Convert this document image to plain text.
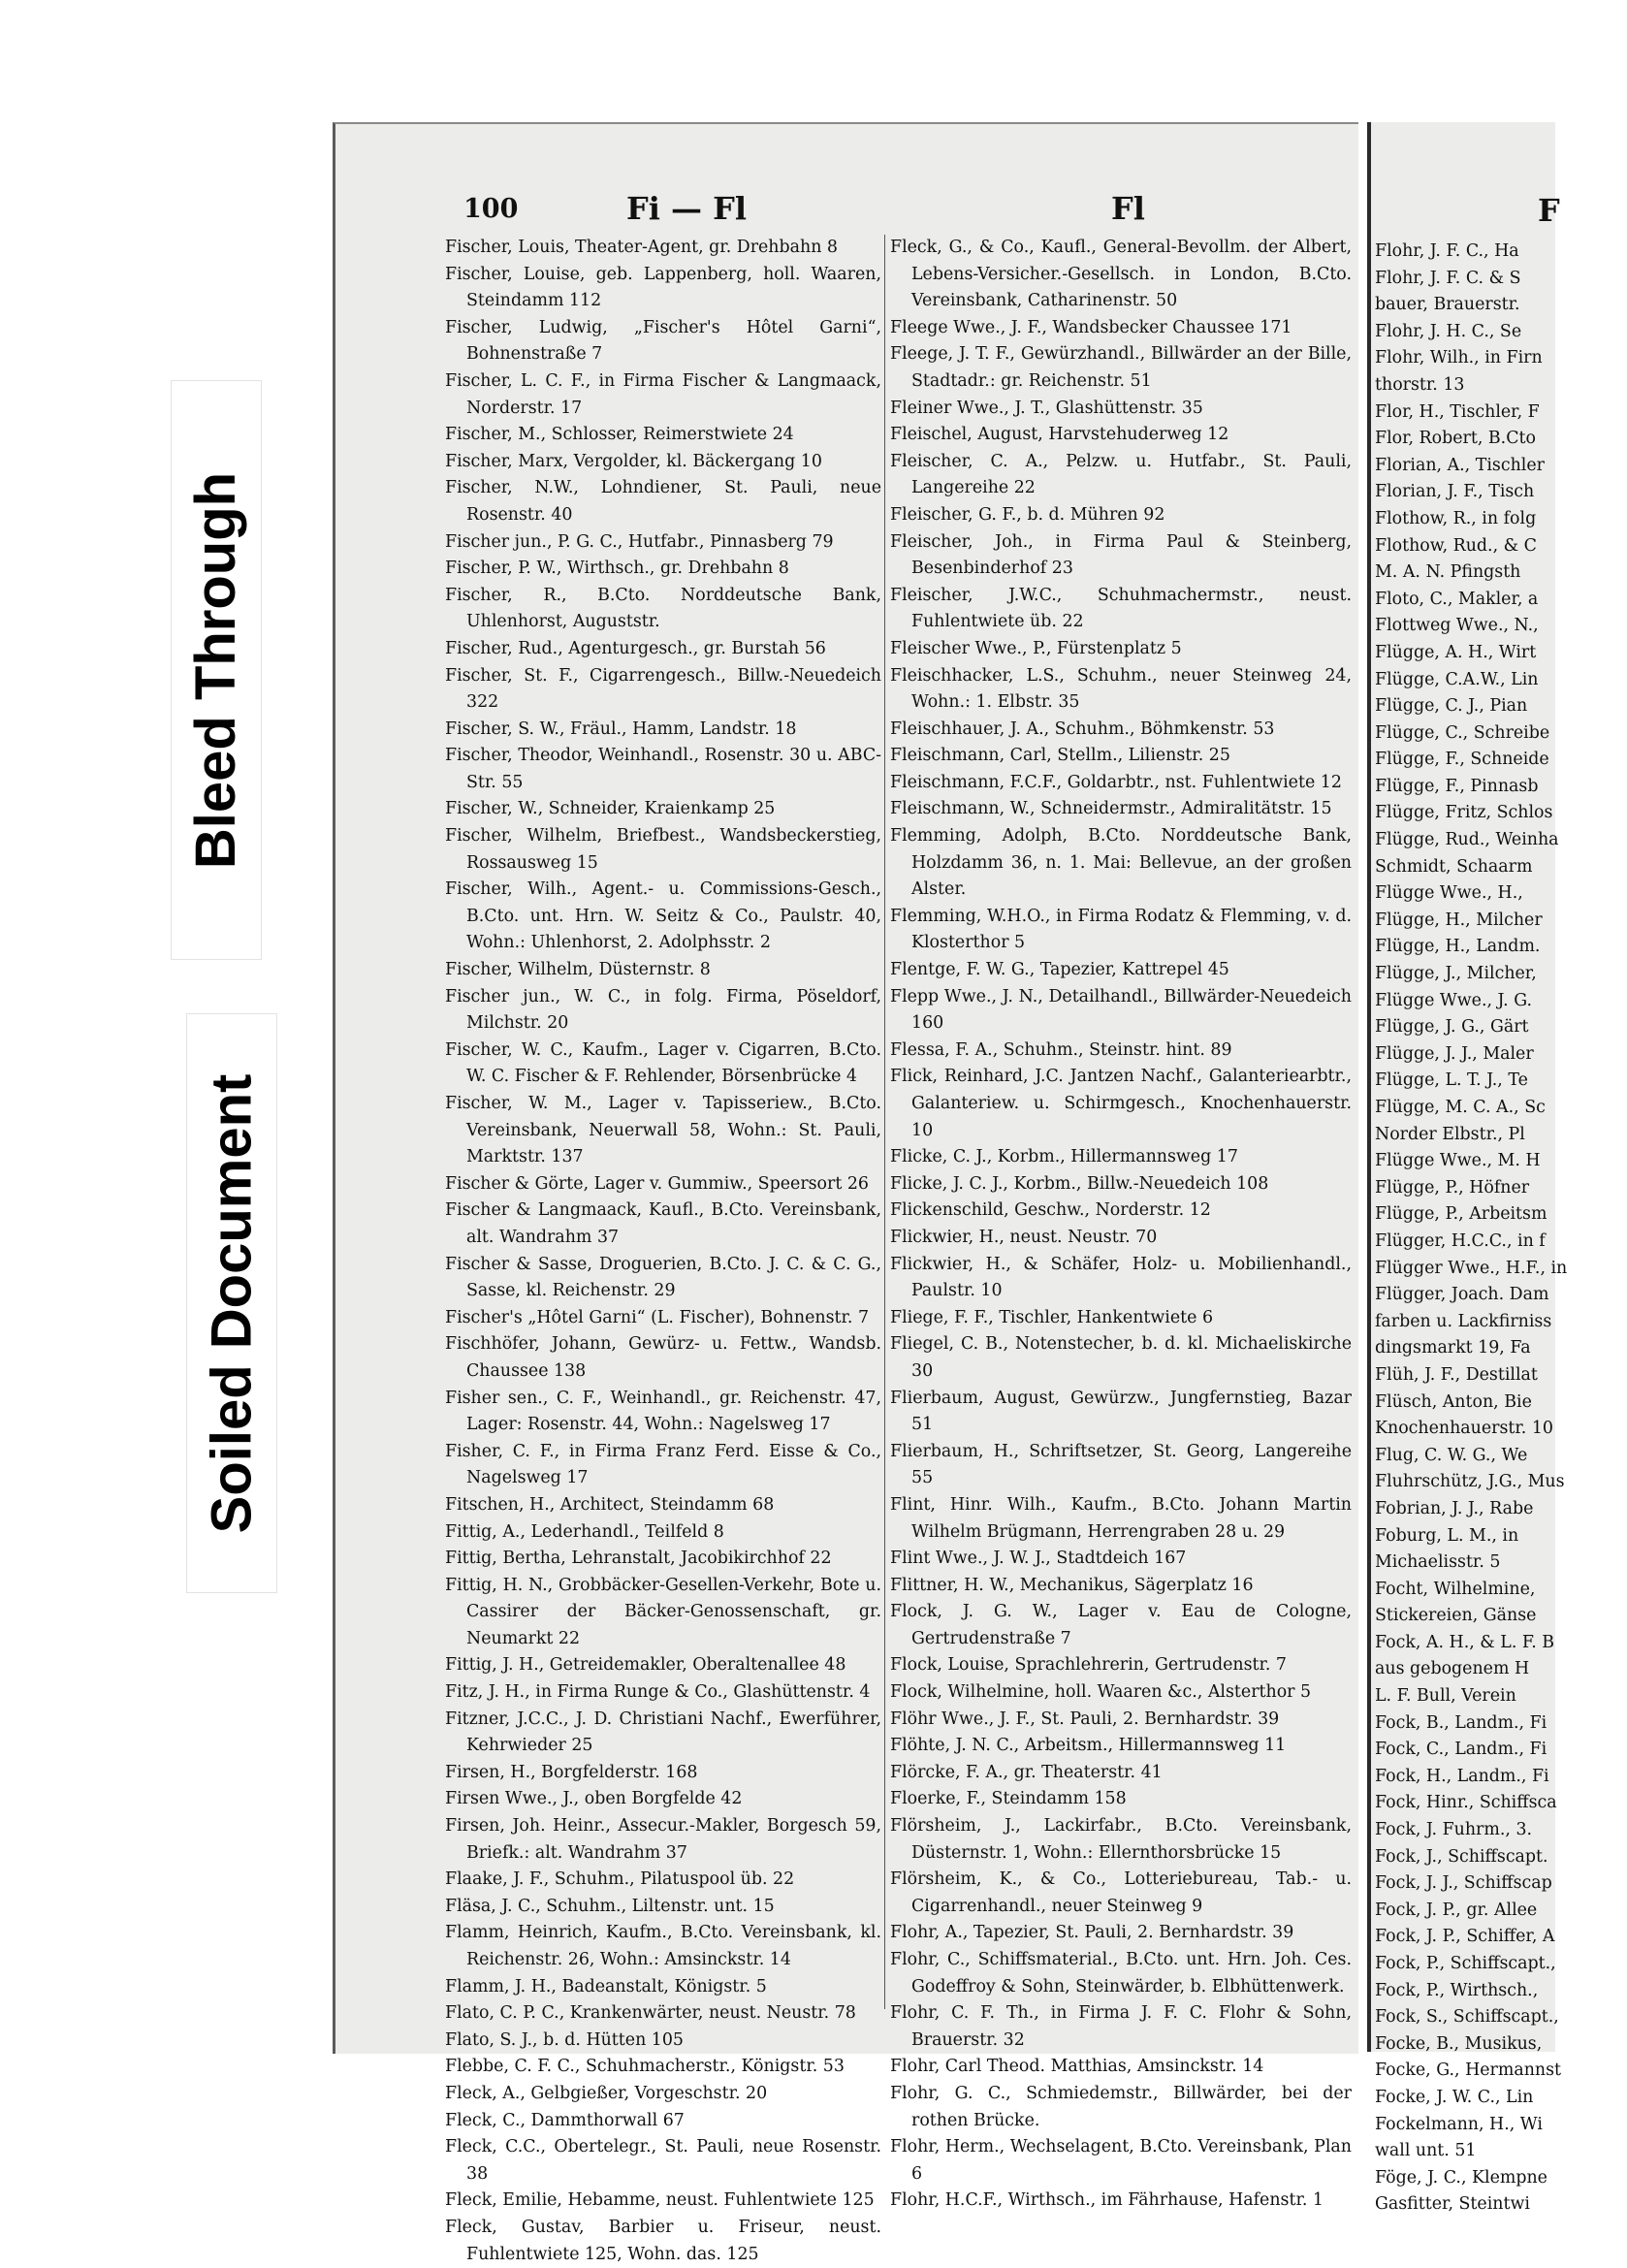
Bleed Through
Soiled Document
100	Fi — Fl	Fl
Fischer, Louis, Theater-Agent, gr. Drehbahn 8
Fischer, Louise, geb. Lappenberg, holl. Waaren, Steindamm 112
Fischer, Ludwig, „Fischer's Hôtel Garni“, Bohnenstraße 7
Fischer, L. C. F., in Firma Fischer & Langmaack, Norderstr. 17
Fischer, M., Schlosser, Reimerstwiete 24
Fischer, Marx, Vergolder, kl. Bäckergang 10
Fischer, N.W., Lohndiener, St. Pauli, neue Rosenstr. 40
Fischer jun., P. G. C., Hutfabr., Pinnasberg 79
Fischer, P. W., Wirthsch., gr. Drehbahn 8
Fischer, R., B.Cto. Norddeutsche Bank, Uhlenhorst, Auguststr.
Fischer, Rud., Agenturgesch., gr. Burstah 56
Fischer, St. F., Cigarrengesch., Billw.-Neuedeich 322
Fischer, S. W., Fräul., Hamm, Landstr. 18
Fischer, Theodor, Weinhandl., Rosenstr. 30 u. ABC-Str. 55
Fischer, W., Schneider, Kraienkamp 25
Fischer, Wilhelm, Briefbest., Wandsbeckerstieg, Rossausweg 15
Fischer, Wilh., Agent.- u. Commissions-Gesch., B.Cto. unt. Hrn. W. Seitz & Co., Paulstr. 40, Wohn.: Uhlenhorst, 2. Adolphsstr. 2
Fischer, Wilhelm, Düsternstr. 8
Fischer jun., W. C., in folg. Firma, Pöseldorf, Milchstr. 20
Fischer, W. C., Kaufm., Lager v. Cigarren, B.Cto. W. C. Fischer & F. Rehlender, Börsenbrücke 4
Fischer, W. M., Lager v. Tapisseriew., B.Cto. Vereinsbank, Neuerwall 58, Wohn.: St. Pauli, Marktstr. 137
Fischer & Görte, Lager v. Gummiw., Speersort 26
Fischer & Langmaack, Kaufl., B.Cto. Vereinsbank, alt. Wandrahm 37
Fischer & Sasse, Droguerien, B.Cto. J. C. & C. G., Sasse, kl. Reichenstr. 29
Fischer's „Hôtel Garni“ (L. Fischer), Bohnenstr. 7
Fischhöfer, Johann, Gewürz- u. Fettw., Wandsb. Chaussee 138
Fisher sen., C. F., Weinhandl., gr. Reichenstr. 47, Lager: Rosenstr. 44, Wohn.: Nagelsweg 17
Fisher, C. F., in Firma Franz Ferd. Eisse & Co., Nagelsweg 17
Fitschen, H., Architect, Steindamm 68
Fittig, A., Lederhandl., Teilfeld 8
Fittig, Bertha, Lehranstalt, Jacobikirchhof 22
Fittig, H. N., Grobbäcker-Gesellen-Verkehr, Bote u. Cassirer der Bäcker-Genossenschaft, gr. Neumarkt 22
Fittig, J. H., Getreidemakler, Oberaltenallee 48
Fitz, J. H., in Firma Runge & Co., Glashüttenstr. 4
Fitzner, J.C.C., J. D. Christiani Nachf., Ewerführer, Kehrwieder 25
Firsen, H., Borgfelderstr. 168
Firsen Wwe., J., oben Borgfelde 42
Firsen, Joh. Heinr., Assecur.-Makler, Borgesch 59, Briefk.: alt. Wandrahm 37
Flaake, J. F., Schuhm., Pilatuspool üb. 22
Fläsa, J. C., Schuhm., Liltenstr. unt. 15
Flamm, Heinrich, Kaufm., B.Cto. Vereinsbank, kl. Reichenstr. 26, Wohn.: Amsinckstr. 14
Flamm, J. H., Badeanstalt, Königstr. 5
Flato, C. P. C., Krankenwärter, neust. Neustr. 78
Flato, S. J., b. d. Hütten 105
Flebbe, C. F. C., Schuhmacherstr., Königstr. 53
Fleck, A., Gelbgießer, Vorgeschstr. 20
Fleck, C., Dammthorwall 67
Fleck, C.C., Obertelegr., St. Pauli, neue Rosenstr. 38
Fleck, Emilie, Hebamme, neust. Fuhlentwiete 125
Fleck, Gustav, Barbier u. Friseur, neust. Fuhlentwiete 125, Wohn. das. 125
Fleck, G., & Co., Kaufl., General-Bevollm. der Albert, Lebens-Versicher.-Gesellsch. in London, B.Cto. Vereinsbank, Catharinenstr. 50
Fleege Wwe., J. F., Wandsbecker Chaussee 171
Fleege, J. T. F., Gewürzhandl., Billwärder an der Bille, Stadtadr.: gr. Reichenstr. 51
Fleiner Wwe., J. T., Glashüttenstr. 35
Fleischel, August, Harvstehuderweg 12
Fleischer, C. A., Pelzw. u. Hutfabr., St. Pauli, Langereihe 22
Fleischer, G. F., b. d. Mühren 92
Fleischer, Joh., in Firma Paul & Steinberg, Besenbinderhof 23
Fleischer, J.W.C., Schuhmachermstr., neust. Fuhlentwiete üb. 22
Fleischer Wwe., P., Fürstenplatz 5
Fleischhacker, L.S., Schuhm., neuer Steinweg 24, Wohn.: 1. Elbstr. 35
Fleischhauer, J. A., Schuhm., Böhmkenstr. 53
Fleischmann, Carl, Stellm., Lilienstr. 25
Fleischmann, F.C.F., Goldarbtr., nst. Fuhlentwiete 12
Fleischmann, W., Schneidermstr., Admiralitätstr. 15
Flemming, Adolph, B.Cto. Norddeutsche Bank, Holzdamm 36, n. 1. Mai: Bellevue, an der großen Alster.
Flemming, W.H.O., in Firma Rodatz & Flemming, v. d. Klosterthor 5
Flentge, F. W. G., Tapezier, Kattrepel 45
Flepp Wwe., J. N., Detailhandl., Billwärder-Neuedeich 160
Flessa, F. A., Schuhm., Steinstr. hint. 89
Flick, Reinhard, J.C. Jantzen Nachf., Galanteriearbtr., Galanteriew. u. Schirmgesch., Knochenhauerstr. 10
Flicke, C. J., Korbm., Hillermannsweg 17
Flicke, J. C. J., Korbm., Billw.-Neuedeich 108
Flickenschild, Geschw., Norderstr. 12
Flickwier, H., neust. Neustr. 70
Flickwier, H., & Schäfer, Holz- u. Mobilienhandl., Paulstr. 10
Fliege, F. F., Tischler, Hankentwiete 6
Fliegel, C. B., Notenstecher, b. d. kl. Michaeliskirche 30
Flierbaum, August, Gewürzw., Jungfernstieg, Bazar 51
Flierbaum, H., Schriftsetzer, St. Georg, Langereihe 55
Flint, Hinr. Wilh., Kaufm., B.Cto. Johann Martin Wilhelm Brügmann, Herrengraben 28 u. 29
Flint Wwe., J. W. J., Stadtdeich 167
Flittner, H. W., Mechanikus, Sägerplatz 16
Flock, J. G. W., Lager v. Eau de Cologne, Gertrudenstraße 7
Flock, Louise, Sprachlehrerin, Gertrudenstr. 7
Flock, Wilhelmine, holl. Waaren &c., Alsterthor 5
Flöhr Wwe., J. F., St. Pauli, 2. Bernhardstr. 39
Flöhte, J. N. C., Arbeitsm., Hillermannsweg 11
Flörcke, F. A., gr. Theaterstr. 41
Floerke, F., Steindamm 158
Flörsheim, J., Lackirfabr., B.Cto. Vereinsbank, Düsternstr. 1, Wohn.: Ellernthorsbrücke 15
Flörsheim, K., & Co., Lotteriebureau, Tab.- u. Cigarrenhandl., neuer Steinweg 9
Flohr, A., Tapezier, St. Pauli, 2. Bernhardstr. 39
Flohr, C., Schiffsmaterial., B.Cto. unt. Hrn. Joh. Ces. Godeffroy & Sohn, Steinwärder, b. Elbhüttenwerk.
Flohr, C. F. Th., in Firma J. F. C. Flohr & Sohn, Brauerstr. 32
Flohr, Carl Theod. Matthias, Amsinckstr. 14
Flohr, G. C., Schmiedemstr., Billwärder, bei der rothen Brücke.
Flohr, Herm., Wechselagent, B.Cto. Vereinsbank, Plan 6
Flohr, H.C.F., Wirthsch., im Fährhause, Hafenstr. 1
F
Flohr, J. F. C., Ha
Flohr, J. F. C. & S
bauer, Brauerstr.
Flohr, J. H. C., Se
Flohr, Wilh., in Firn
thorstr. 13
Flor, H., Tischler, F
Flor, Robert, B.Cto
Florian, A., Tischler
Florian, J. F., Tisch
Flothow, R., in folg
Flothow, Rud., & C
M. A. N. Pfingsth
Floto, C., Makler, a
Flottweg Wwe., N.,
Flügge, A. H., Wirt
Flügge, C.A.W., Lin
Flügge, C. J., Pian
Flügge, C., Schreibe
Flügge, F., Schneide
Flügge, F., Pinnasb
Flügge, Fritz, Schlos
Flügge, Rud., Weinha
Schmidt, Schaarm
Flügge Wwe., H.,
Flügge, H., Milcher
Flügge, H., Landm.
Flügge, J., Milcher,
Flügge Wwe., J. G.
Flügge, J. G., Gärt
Flügge, J. J., Maler
Flügge, L. T. J., Te
Flügge, M. C. A., Sc
Norder Elbstr., Pl
Flügge Wwe., M. H
Flügge, P., Höfner
Flügge, P., Arbeitsm
Flügger, H.C.C., in f
Flügger Wwe., H.F., in
Flügger, Joach. Dam
farben u. Lackfirniss
dingsmarkt 19, Fa
Flüh, J. F., Destillat
Flüsch, Anton, Bie
Knochenhauerstr. 10
Flug, C. W. G., We
Fluhrschütz, J.G., Mus
Fobrian, J. J., Rabe
Foburg, L. M., in
Michaelisstr. 5
Focht, Wilhelmine,
Stickereien, Gänse
Fock, A. H., & L. F. B
aus gebogenem H
L. F. Bull, Verein
Fock, B., Landm., Fi
Fock, C., Landm., Fi
Fock, H., Landm., Fi
Fock, Hinr., Schiffsca
Fock, J. Fuhrm., 3.
Fock, J., Schiffscapt.
Fock, J. J., Schiffscap
Fock, J. P., gr. Allee
Fock, J. P., Schiffer, A
Fock, P., Schiffscapt.,
Fock, P., Wirthsch.,
Fock, S., Schiffscapt.,
Focke, B., Musikus,
Focke, G., Hermannst
Focke, J. W. C., Lin
Fockelmann, H., Wi
wall unt. 51
Föge, J. C., Klempne
Gasfitter, Steintwi
